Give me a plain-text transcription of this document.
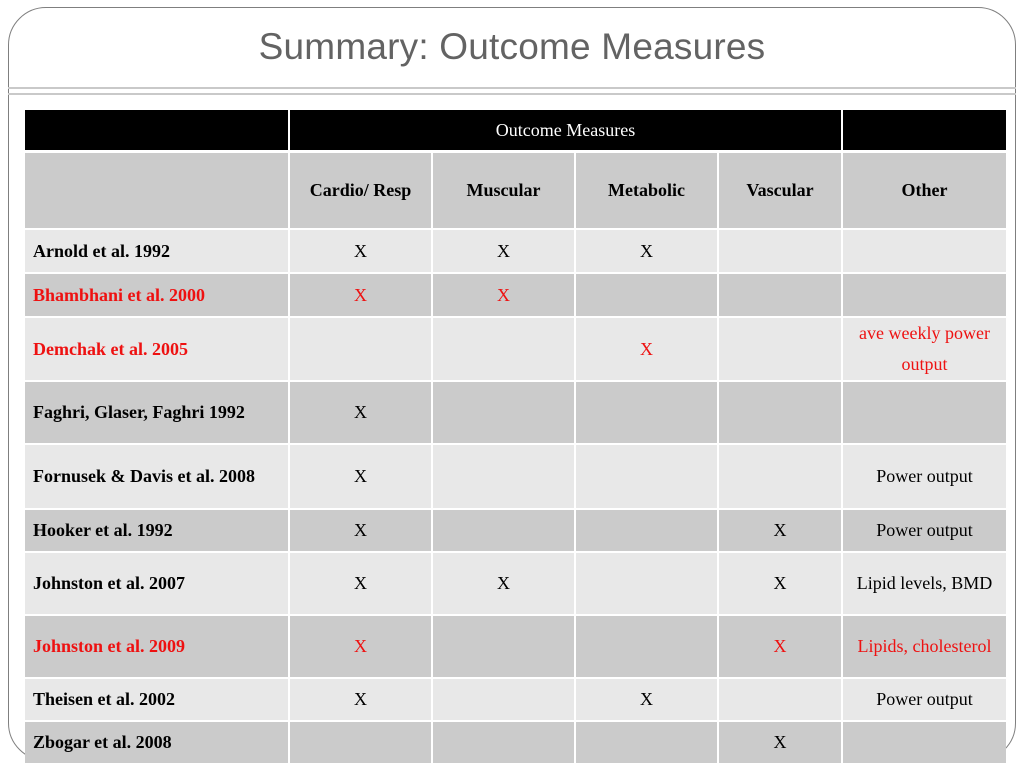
Summary: Outcome Measures
	Outcome Measures				
	Cardio/ Resp	Muscular	Metabolic	Vascular	Other
Arnold et al. 1992	X	X	X		
Bhambhani et al. 2000	X	X			
Demchak et al. 2005			X		ave weekly power output
Faghri, Glaser, Faghri 1992	X				
Fornusek & Davis et al. 2008	X				Power output
Hooker et al. 1992	X			X	Power output
Johnston et al. 2007	X	X		X	Lipid levels, BMD
Johnston et al. 2009	X			X	Lipids, cholesterol
Theisen et al. 2002	X		X		Power output
Zbogar et al. 2008				X	
